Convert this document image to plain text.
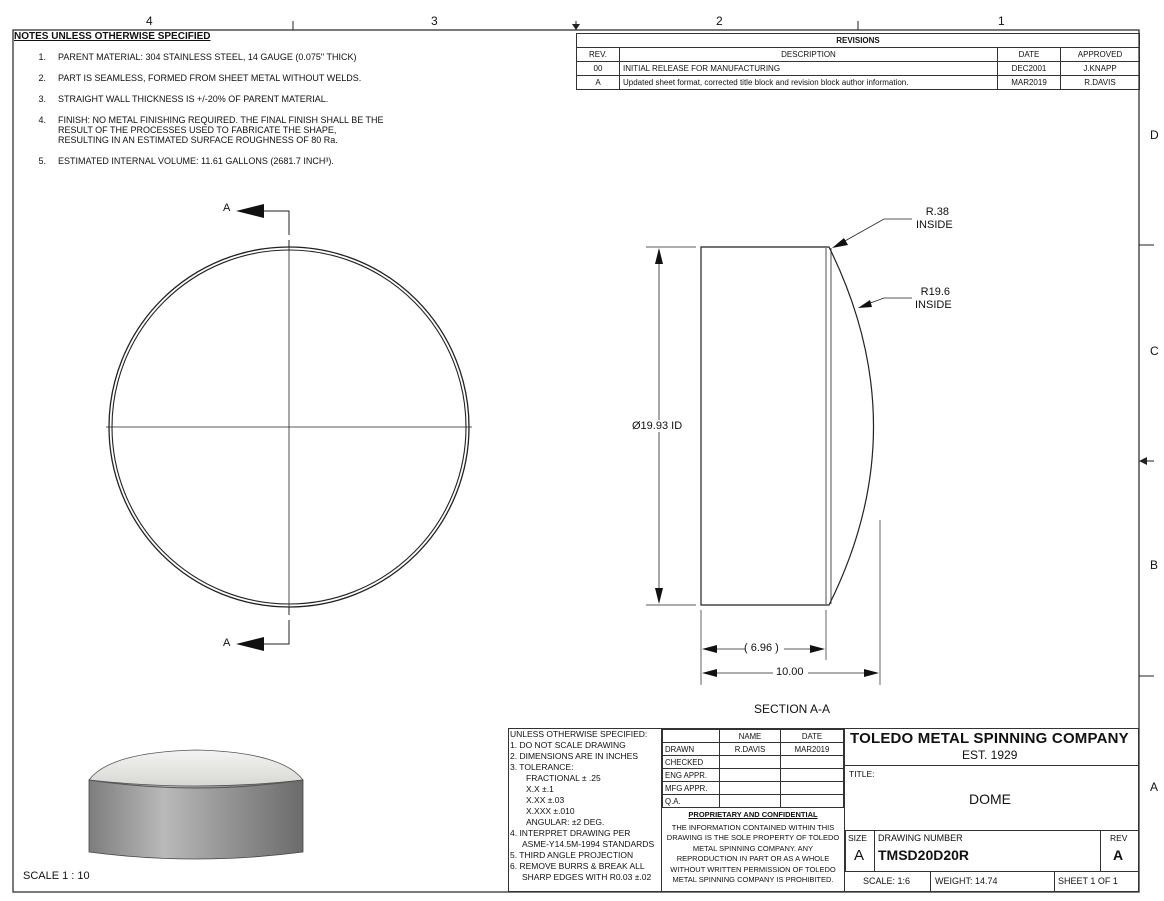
4	3	2	1
D
C
B
A
NOTES UNLESS OTHERWISE SPECIFIED
1.	PARENT MATERIAL: 304 STAINLESS STEEL, 14 GAUGE (0.075" THICK)
2.	PART IS SEAMLESS, FORMED FROM SHEET METAL WITHOUT WELDS.
3.	STRAIGHT WALL THICKNESS IS +/-20% OF PARENT MATERIAL.
4.	FINISH: NO METAL FINISHING REQUIRED. THE FINAL FINISH SHALL BE THE RESULT OF THE PROCESSES USED TO FABRICATE THE SHAPE, RESULTING IN AN ESTIMATED SURFACE ROUGHNESS OF 80 Ra.
5.	ESTIMATED INTERNAL VOLUME: 11.61 GALLONS (2681.7 INCH³).
REVISIONS			
REV.	DESCRIPTION	DATE	APPROVED
00	INITIAL RELEASE FOR MANUFACTURING	DEC2001	J.KNAPP
A	Updated sheet format, corrected title block and revision block author information.	MAR2019	R.DAVIS
A
A
Ø19.93 ID
R.38
INSIDE
R19.6
INSIDE
( 6.96 )
10.00
SECTION A-A
SCALE 1 : 10
UNLESS OTHERWISE SPECIFIED:
1. DO NOT SCALE DRAWING
2. DIMENSIONS ARE IN INCHES
3. TOLERANCE:
FRACTIONAL ± .25
X.X ±.1
X.XX ±.03
X.XXX ±.010
ANGULAR: ±2 DEG.
4. INTERPRET DRAWING PER
ASME-Y14.5M-1994 STANDARDS
5. THIRD ANGLE PROJECTION
6. REMOVE BURRS & BREAK ALL
SHARP EDGES WITH R0.03 ±.02
	NAME	DATE
DRAWN	R.DAVIS	MAR2019
CHECKED		
ENG APPR.		
MFG APPR.		
Q.A.		
PROPRIETARY AND CONFIDENTIAL
THE INFORMATION CONTAINED WITHIN THIS DRAWING IS THE SOLE PROPERTY OF TOLEDO METAL SPINNING COMPANY. ANY REPRODUCTION IN PART OR AS A WHOLE WITHOUT WRITTEN PERMISSION OF TOLEDO METAL SPINNING COMPANY IS PROHIBITED.
TOLEDO METAL SPINNING COMPANY
EST. 1929
TITLE:
DOME
SIZE
A
DRAWING NUMBER
TMSD20D20R
REV
A
SCALE: 1:6	WEIGHT: 14.74	SHEET 1 OF 1
